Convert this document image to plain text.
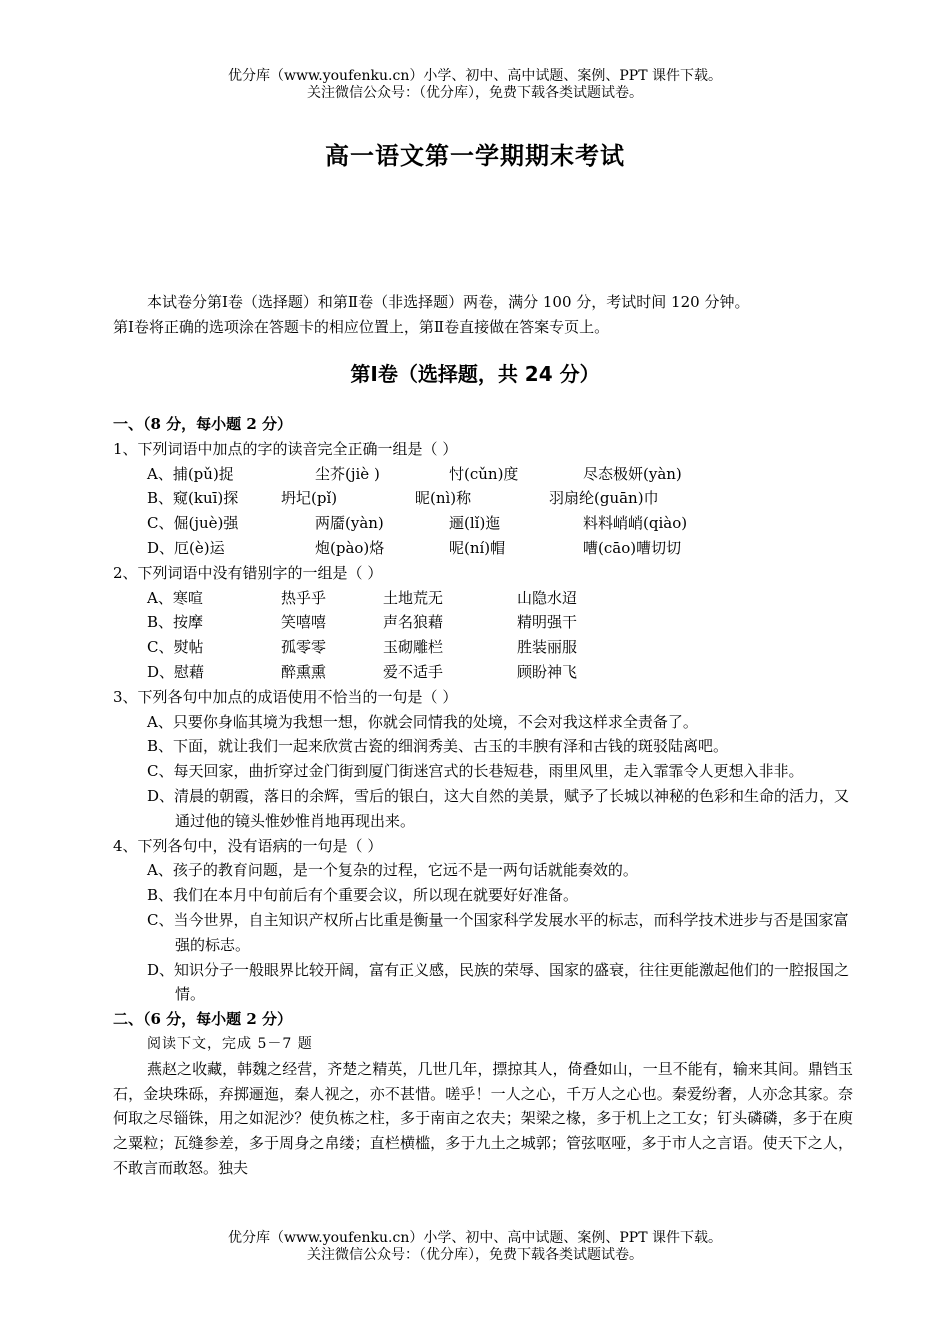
优分库（www.youfenku.cn）小学、初中、高中试题、案例、PPT 课件下载。
关注微信公众号：（优分库），免费下载各类试题试卷。
高一语文第一学期期末考试

本试卷分第Ⅰ卷（选择题）和第Ⅱ卷（非选择题）两卷，满分 100 分，考试时间 120 分钟。

第Ⅰ卷将正确的选项涂在答题卡的相应位置上，第Ⅱ卷直接做在答案专页上。

第Ⅰ卷（选择题，共 24 分）
一、（8 分，每小题 2 分）
1、下列词语中加点的字的读音完全正确一组是（ ）
A、捕(pǔ)捉	尘芥(jiè )	忖(cǔn)度	尽态极妍(yàn)
B、窥(kuī)探	坍圮(pǐ)	昵(nì)称	羽扇纶(guān)巾
C、倔(juè)强	两靥(yàn)	逦(lǐ)迤	料料峭峭(qiào)
D、厄(è)运	炮(pào)烙	呢(ní)帽	嘈(cāo)嘈切切
2、下列词语中没有错别字的一组是（ ）
A、寒喧	热乎乎	土地荒无	山隐水迢
B、按摩	笑嘻嘻	声名狼藉	精明强干
C、熨帖	孤零零	玉砌雕栏	胜装丽服
D、慰藉	醉熏熏	爱不适手	顾盼神飞
3、下列各句中加点的成语使用不恰当的一句是（ ）
A、只要你身临其境为我想一想，你就会同情我的处境，不会对我这样求全责备了。
B、下面，就让我们一起来欣赏古瓷的细润秀美、古玉的丰腴有泽和古钱的斑驳陆离吧。
C、每天回家，曲折穿过金门街到厦门街迷宫式的长巷短巷，雨里风里，走入霏霏令人更想入非非。
D、清晨的朝霞，落日的余辉，雪后的银白，这大自然的美景，赋予了长城以神秘的色彩和生命的活力，又通过他的镜头惟妙惟肖地再现出来。
4、下列各句中，没有语病的一句是（ ）
A、孩子的教育问题，是一个复杂的过程，它远不是一两句话就能奏效的。
B、我们在本月中旬前后有个重要会议，所以现在就要好好准备。
C、当今世界，自主知识产权所占比重是衡量一个国家科学发展水平的标志，而科学技术进步与否是国家富强的标志。
D、知识分子一般眼界比较开阔，富有正义感，民族的荣辱、国家的盛衰，往往更能激起他们的一腔报国之情。
二、（6 分，每小题 2 分）
阅读下文，完成 5－7 题
燕赵之收藏，韩魏之经营，齐楚之精英，几世几年，摽掠其人，倚叠如山，一旦不能有，输来其间。鼎铛玉石，金块珠砾，弃掷逦迤，秦人视之，亦不甚惜。嗟乎！一人之心，千万人之心也。秦爱纷奢，人亦念其家。奈何取之尽锱铢，用之如泥沙？使负栋之柱，多于南亩之农夫；架梁之椽，多于机上之工女；钉头磷磷，多于在庾之粟粒；瓦缝参差，多于周身之帛缕；直栏横槛，多于九土之城郭；管弦呕哑，多于市人之言语。使天下之人，不敢言而敢怒。独夫
优分库（www.youfenku.cn）小学、初中、高中试题、案例、PPT 课件下载。
关注微信公众号：（优分库），免费下载各类试题试卷。
